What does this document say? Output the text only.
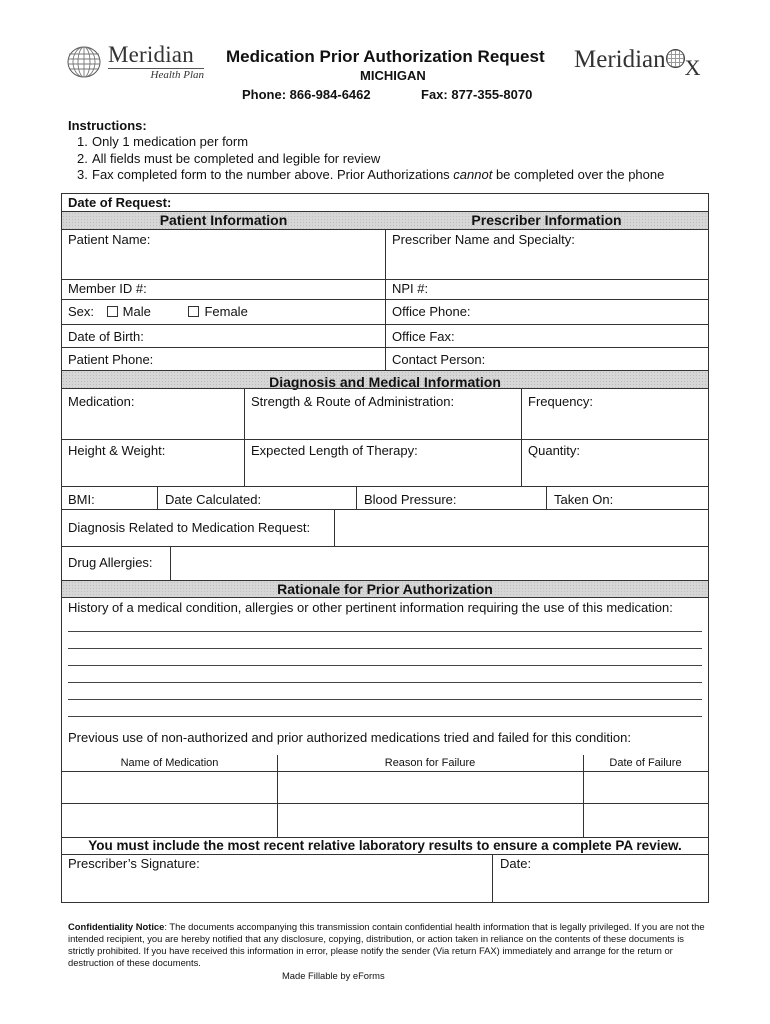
Meridian
Health Plan
Medication Prior Authorization Request
MICHIGAN
Phone: 866-984-6462	Fax: 877-355-8070
Meridian X
Instructions:
1. Only 1 medication per form
2. All fields must be completed and legible for review
3. Fax completed form to the number above. Prior Authorizations cannot be completed over the phone
Date of Request:
Patient Information	Prescriber Information
Patient Name:	Prescriber Name and Specialty:
Member ID #:	NPI #:
Sex: Male	Female	Office Phone:
Date of Birth:	Office Fax:
Patient Phone:	Contact Person:
Diagnosis and Medical Information
Medication:	Strength & Route of Administration:	Frequency:
Height & Weight:	Expected Length of Therapy:	Quantity:
BMI:	Date Calculated:	Blood Pressure:	Taken On:
Diagnosis Related to Medication Request:
Drug Allergies:
Rationale for Prior Authorization
History of a medical condition, allergies or other pertinent information requiring the use of this medication:
Previous use of non-authorized and prior authorized medications tried and failed for this condition:
Name of Medication	Reason for Failure	Date of Failure
You must include the most recent relative laboratory results to ensure a complete PA review.
Prescriber’s Signature:	Date:
Confidentiality Notice: The documents accompanying this transmission contain confidential health information that is legally privileged. If you are not the intended recipient, you are hereby notified that any disclosure, copying, distribution, or action taken in reliance on the contents of these documents is strictly prohibited. If you have received this information in error, please notify the sender (Via return FAX) immediately and arrange for the return or destruction of these documents.
Made Fillable by eForms
